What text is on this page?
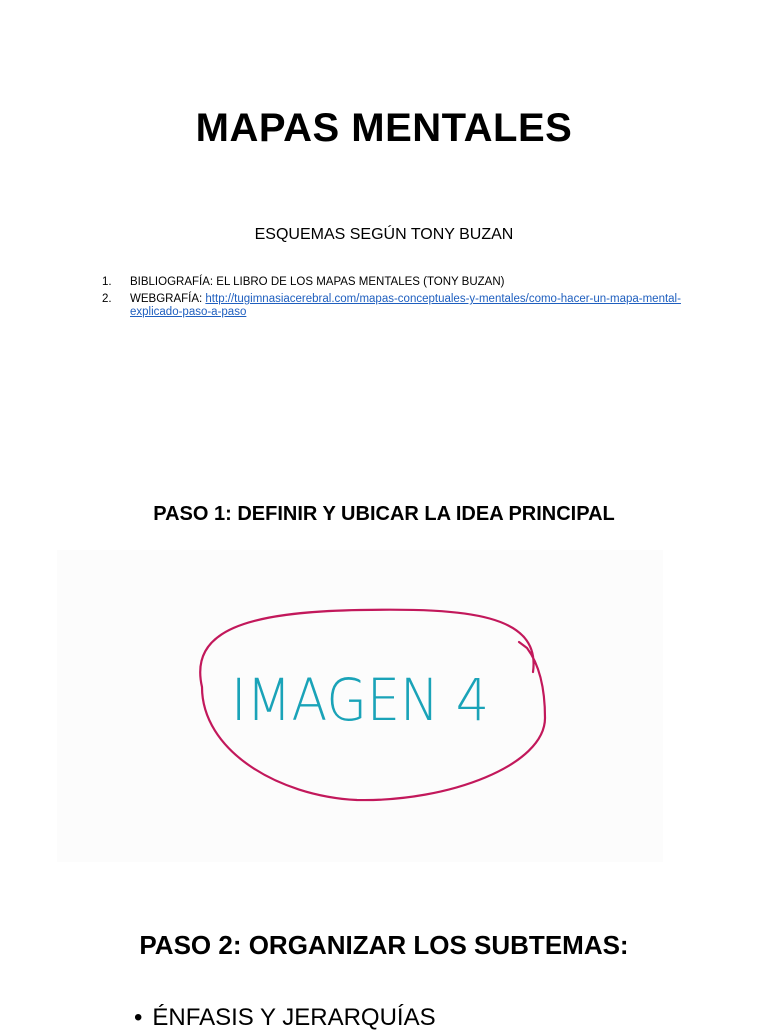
MAPAS MENTALES
ESQUEMAS SEGÚN TONY BUZAN
1.	BIBLIOGRAFÍA: EL LIBRO DE LOS MAPAS MENTALES (TONY BUZAN)
2.	WEBGRAFÍA: http://tugimnasiacerebral.com/mapas-conceptuales-y-mentales/como-hacer-un-mapa-mental-explicado-paso-a-paso
PASO 1: DEFINIR Y UBICAR LA IDEA PRINCIPAL
IMAGEN 4
PASO 2: ORGANIZAR LOS SUBTEMAS:
• ÉNFASIS Y JERARQUÍAS
